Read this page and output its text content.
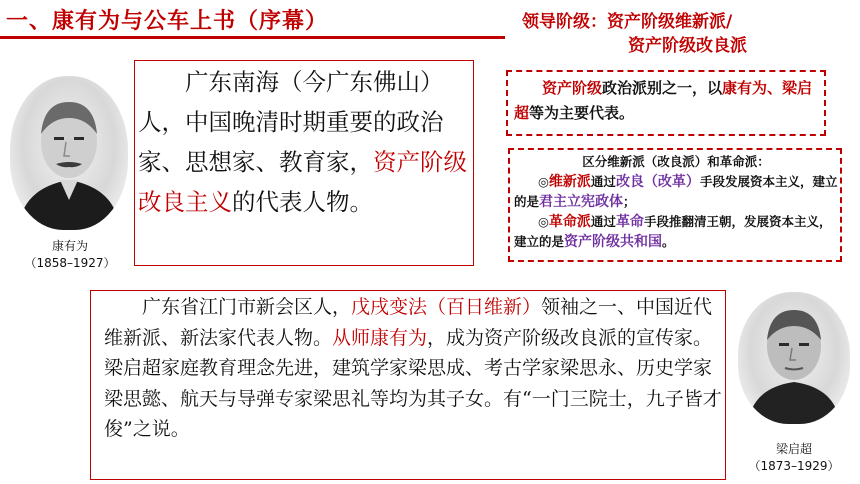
一、康有为与公车上书（序幕）	领导阶级：资产阶级维新派/
资产阶级改良派
康有为
（1858–1927）
广东南海（今广东佛山）人，中国晚清时期重要的政治家、思想家、教育家，资产阶级改良主义的代表人物。
资产阶级政治派别之一，以康有为、梁启超等为主要代表。
区分维新派（改良派）和革命派：
◎维新派通过改良（改革）手段发展资本主义，建立的是君主立宪政体；
◎革命派通过革命手段推翻清王朝，发展资本主义，建立的是资产阶级共和国。
广东省江门市新会区人，戊戌变法（百日维新）领袖之一、中国近代维新派、新法家代表人物。从师康有为，成为资产阶级改良派的宣传家。梁启超家庭教育理念先进，建筑学家梁思成、考古学家梁思永、历史学家梁思懿、航天与导弹专家梁思礼等均为其子女。有“一门三院士，九子皆才俊”之说。
梁启超
（1873–1929）
